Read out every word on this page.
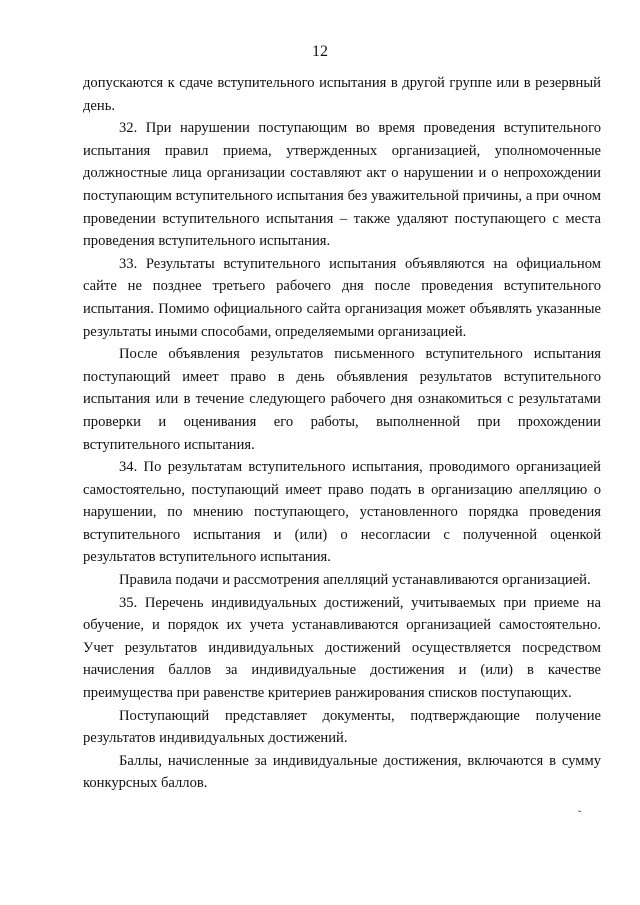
12

допускаются к сдаче вступительного испытания в другой группе или в резервный день.

32. При нарушении поступающим во время проведения вступительного испытания правил приема, утвержденных организацией, уполномоченные должностные лица организации составляют акт о нарушении и о непрохождении поступающим вступительного испытания без уважительной причины, а при очном проведении вступительного испытания – также удаляют поступающего с места проведения вступительного испытания.

33. Результаты вступительного испытания объявляются на официальном сайте не позднее третьего рабочего дня после проведения вступительного испытания. Помимо официального сайта организация может объявлять указанные результаты иными способами, определяемыми организацией.

После объявления результатов письменного вступительного испытания поступающий имеет право в день объявления результатов вступительного испытания или в течение следующего рабочего дня ознакомиться с результатами проверки и оценивания его работы, выполненной при прохождении вступительного испытания.

34. По результатам вступительного испытания, проводимого организацией самостоятельно, поступающий имеет право подать в организацию апелляцию о нарушении, по мнению поступающего, установленного порядка проведения вступительного испытания и (или) о несогласии с полученной оценкой результатов вступительного испытания.

Правила подачи и рассмотрения апелляций устанавливаются организацией.

35. Перечень индивидуальных достижений, учитываемых при приеме на обучение, и порядок их учета устанавливаются организацией самостоятельно. Учет результатов индивидуальных достижений осуществляется посредством начисления баллов за индивидуальные достижения и (или) в качестве преимущества при равенстве критериев ранжирования списков поступающих.

Поступающий представляет документы, подтверждающие получение результатов индивидуальных достижений.

Баллы, начисленные за индивидуальные достижения, включаются в сумму конкурсных баллов.

ˇ
